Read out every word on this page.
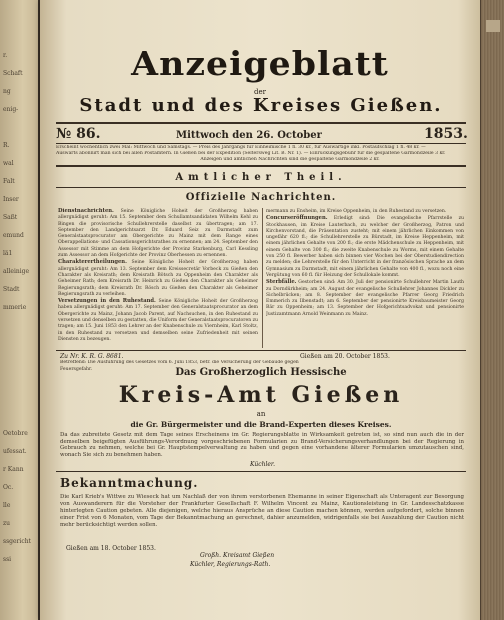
r.
Schaft
ng
enig-
R.
wal
Falt
Inser
Saßt
emund
lä1
alleinige
Stadt
mmerie
Oetobre
ufessat.
r Kann
Oc.
lle
zu
ssgericht
ssi
Anzeigeblatt
der
Stadt und des Kreises Gießen.
№ 86.	Mittwoch den 26. October	1853.
Erscheint wöchentlich zwei Mal: Mittwoch und Samstags. — Preis des Jahrgangs für Einheimische 1 fl. 30 kr., für Auswärtige inkl. Postaufschlag 1 fl. 48 kr. —
Auswärts abonnirt man sich bei allen Postämtern. In Gießen bei der Expedition (Seltersweg Lit. B. Nr. 1). — Einrückungsgebühr für die gespaltene Garmondzeile 3 kr.
Anzeigen und amtlichen Nachrichten sind die gespaltene Garmondzeile 2 kr.
Amtlicher Theil.
Offizielle Nachrichten.

Dienstnachrichten. Seine Königliche Hoheit der Großherzog haben allergnädigst geruht: Am 15. September dem Schullamtsandidaten Wilhelm Kehl zu Bingen die provisorische Schullehrerstelle daselbst zu übertragen; am 17. September den Landgerichtsarzt Dr. Eduard Seiz zu Darmstadt zum Generalstaatsprocurator am Obergerichte zu Mainz mit dem Range eines Oberappellations- und Cassationsgerichtsrathes zu ernennen; am 24. September den Assessor mit Stimme an dem Hofgerichte der Provinz Starkenburg, Carl Kessling zum Assessor an dem Hofgerichte der Provinz Oberhessen zu ernennen.

Charakterertheilungen. Seine Königliche Hoheit der Großherzog haben allergnädigst geruht: Am 13. September dem Kreissecretär Vorbeck zu Gießen den Charakter als Kreisrath; dem Kreisrath Bötsch zu Oppenheim den Charakter als Geheimer Rath; dem Kreisrath Dr. Heinrich zu Gießen den Charakter als Geheimer Regierungsrath; dem Kreisrath Dr. Rösch zu Gießen den Charakter als Geheimer Regierungsrath zu verleihen.

Versetzungen in den Ruhestand. Seine Königliche Hoheit der Großherzog haben allergnädigst geruht: Am 17. September den Generalstaatsprocurator an dem Obergerichte zu Mainz, Johann Jacob Parent, auf Nachsuchen, in den Ruhestand zu versetzen und denselben zu gestatten, die Uniform der Generalstaatsprocuratoren zu tragen; am 15. Juni 1853 den Lehrer an der Knabenschule zu Viernheim, Karl Stoltz, in den Ruhestand zu versetzen und demselben seine Zufriedenheit mit seinen Diensten zu bezeugen.

mermann zu Ensheim, im Kreise Oppenheim, in den Ruhestand zu versetzen.

Concurseröffnungen. Erledigt sind: Die evangelische Pfarrstelle zu Stockhausen, im Kreise Lauterbach, zu welcher der Großherzog, Patron und Kirchenvorstand, die Präsentation zusteht; mit einem jährlichen Einkommen von ungefähr 620 fl.; die Schullehrerstelle zu Bürstadt, im Kreise Heppenheim, mit einem jährlichen Gehalte von 200 fl.; die erste Mädchenschule zu Heppenheim, mit einem Gehalte von 300 fl.; die zweite Knabenschule zu Worms, mit einem Gehalte von 250 fl. Bewerber haben sich binnen vier Wochen bei der Oberstudiendirection zu melden; die Lehrerstelle für den Unterricht in der französischen Sprache an dem Gymnasium zu Darmstadt, mit einem jährlichen Gehalte von 400 fl., wozu noch eine Vergütung von 60 fl. für Heizung der Schullokale kommt.

Sterbfälle. Gestorben sind: Am 30. Juli der pensionirte Schullehrer Martin Lauth zu Dorndürkheim; am 24. August der evangelische Schullehrer Johannes Dickler zu Sichelbrücken; am 8. September der evangelische Pfarrer Georg Friedrich Emmerich zu Ilbenstadt; am 6. September der pensionirte Kreisbaumeister Georg Bär zu Oppenheim; am 13. September der Hofgerichtsadvokat und pensionirte Justizamtmann Arnold Weinmann zu Mainz.

Zu Nr. K. R. G. 8681.	Gießen am 20. October 1853.
Betreffend: Die Ausführung des Gesetzes vom 6. Juni 1853, betr. die Versicherung der Gebäude gegen Feuersgefahr.	Das Großherzoglich Hessische
Kreis-Amt Gießen
an
die Gr. Bürgermeister und die Brand-Experten dieses Kreises.

Da das zubreitete Gesetz mit dem Tage seines Erscheinens im Gr. Regierungsblatte in Wirksamkeit getreten ist, so sind nun auch die in der demselben beigefügten Ausführungs-Verordnung vorgeschriebenen Formularien zu Brand-Versicherungsverhandlungen bei der Regierung in Gebrauch zu nehmen, welche bei Gr. Hauptstempelverwaltung zu haben und gegen eine vorhandene älterer Formularien umzutauschen sind, wonach Sie sich zu benehmen haben.

Küchler.
Bekanntmachung.

Die Karl Krieb's Wittwe zu Wieseck hat um Nachlaß der von ihrem verstorbenen Ehemanne in seiner Eigenschaft als Unteragent zur Besorgung von Auswanderern für die Vorsteher der Frankfurter Gesellschaft F. Wilhelm Vincent zu Mainz, Kautionsleistung in Gr. Landesschatzkasse hinterlegten Caution gebeten. Alle diejenigen, welche hieraus Ansprüche an diese Caution machen können, werden aufgefordert, solche binnen einer Frist von 6 Monaten, vom Tage der Bekanntmachung an gerechnet, dahier anzumelden, widrigenfalls sie bei Auszahlung der Caution nicht mehr berücksichtigt werden sollen.

Gießen am 18. October 1853.
Großh. Kreisamt Gießen
Küchler, Regierungs-Rath.
